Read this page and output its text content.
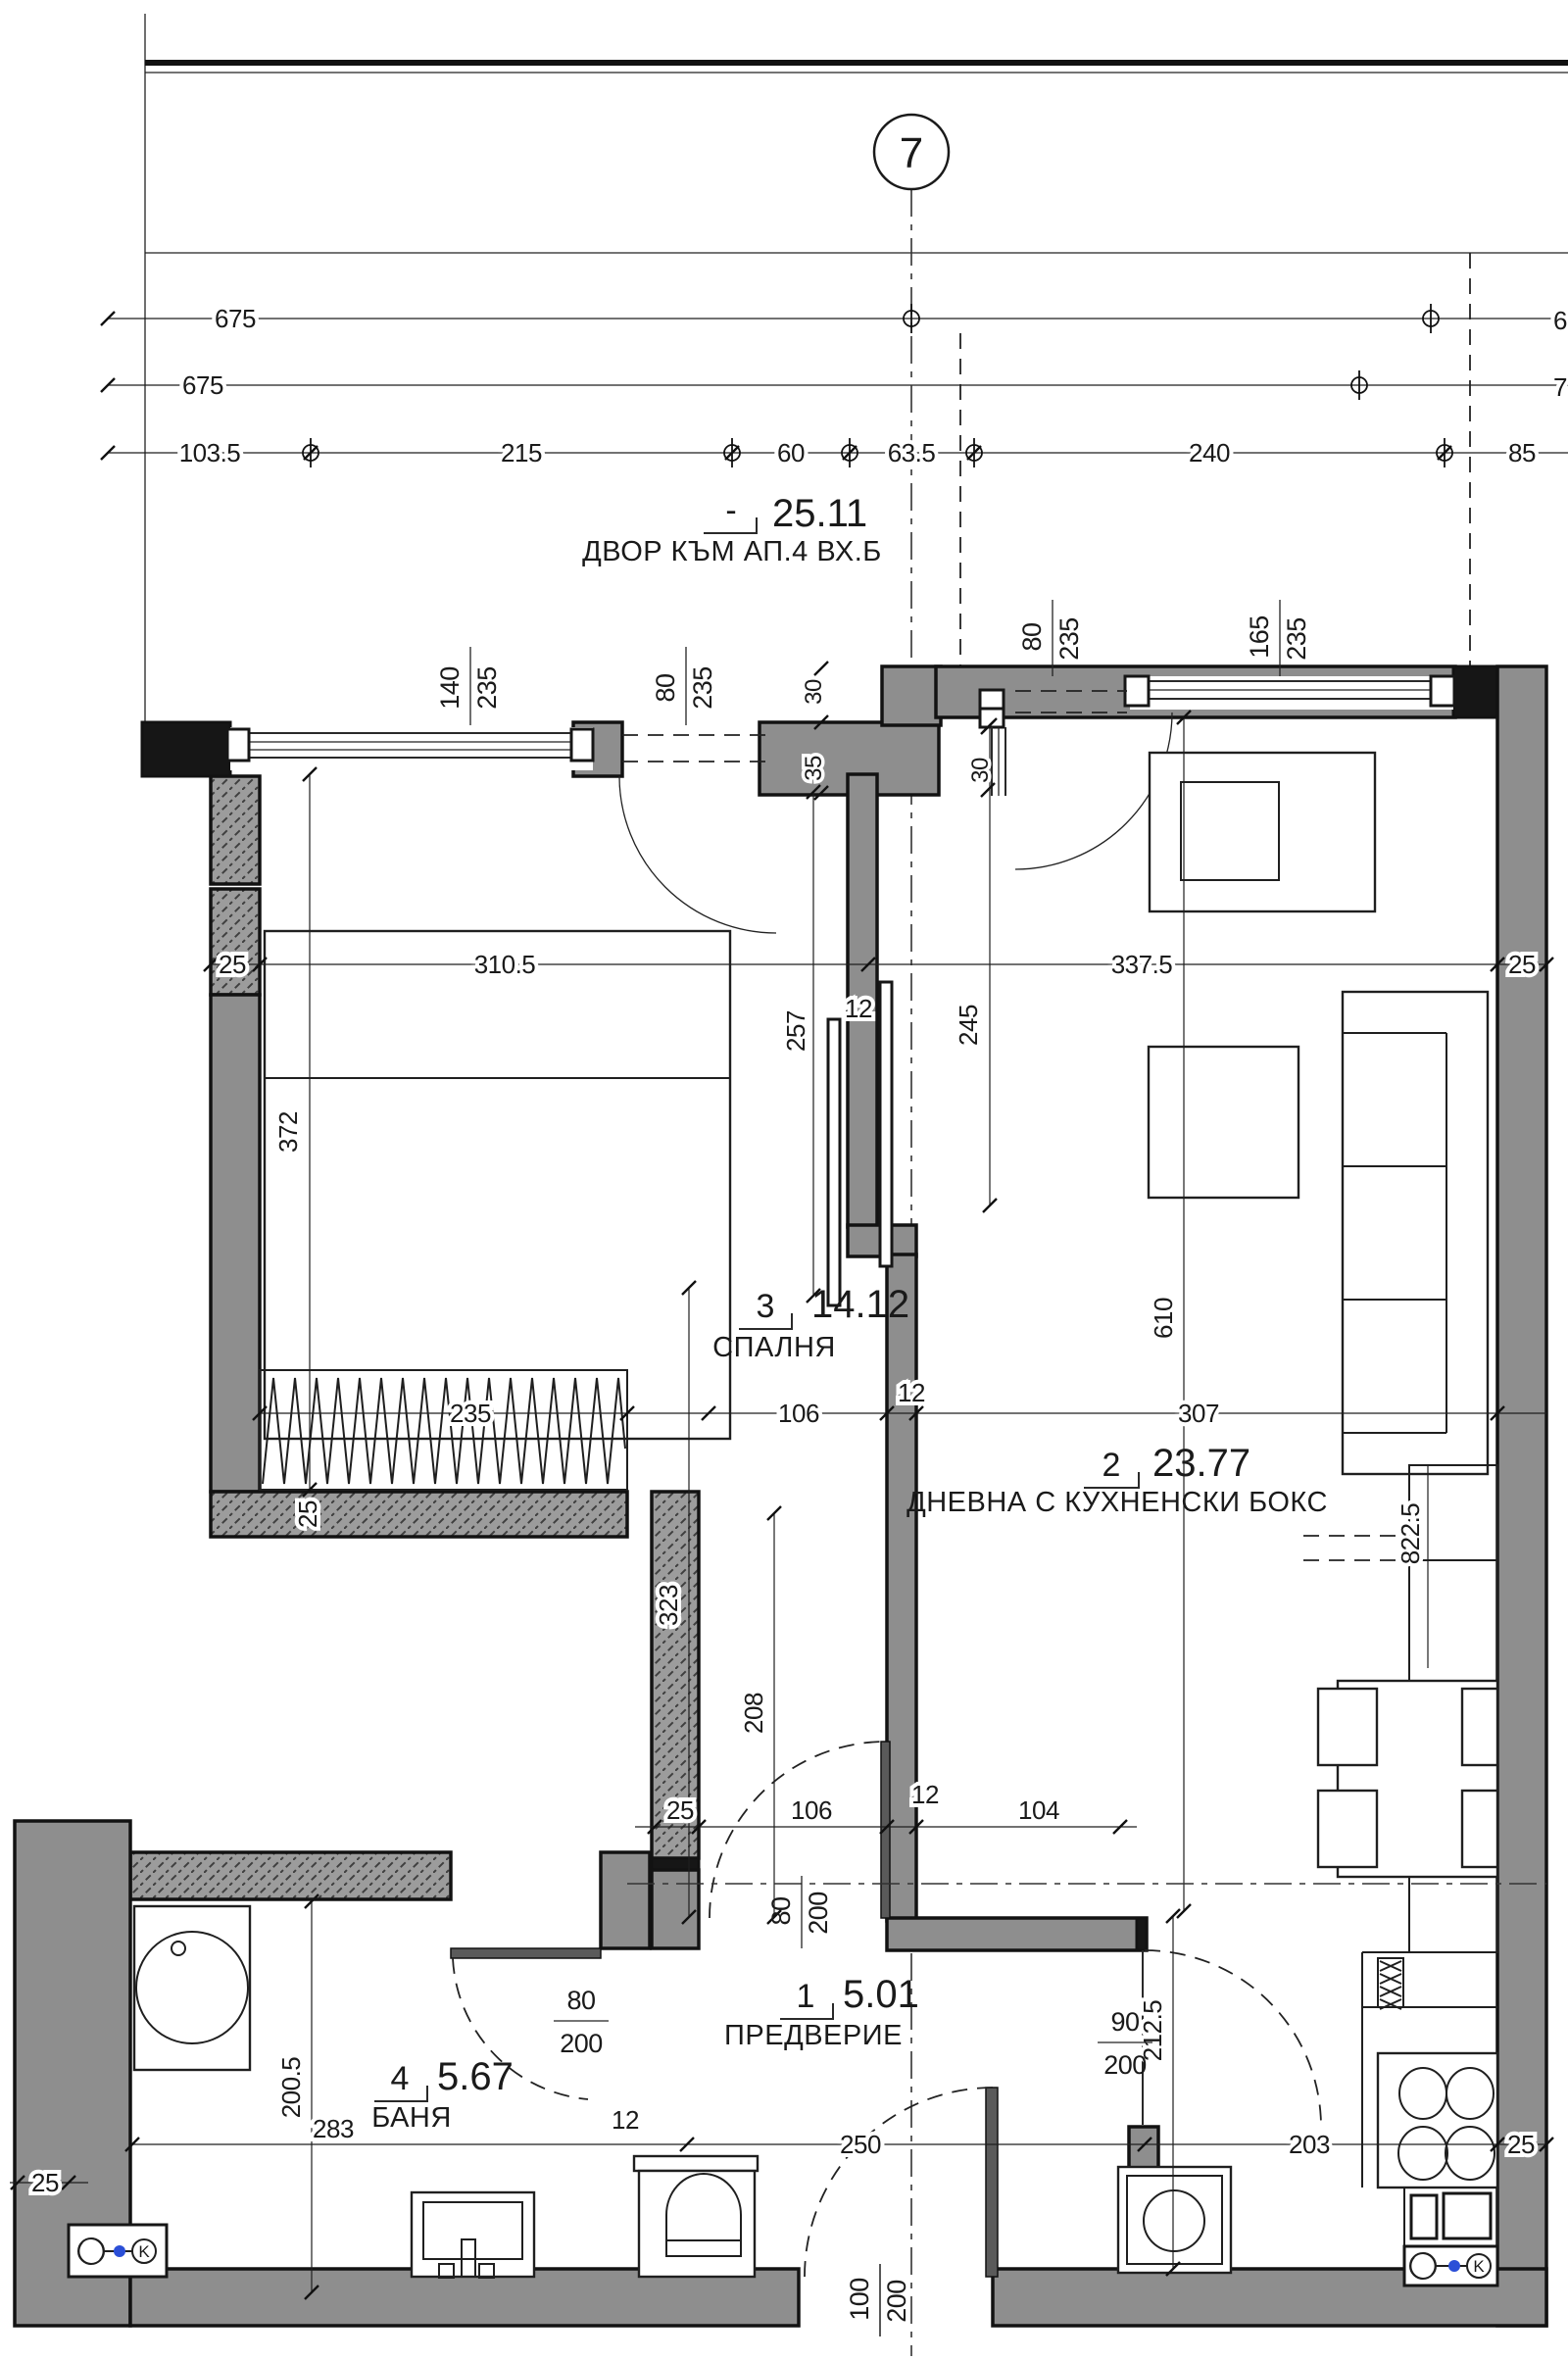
7
675
675
103.5	215	60	63.5	240	85
6
7
- 25.11
ДВОР КЪМ АП.4 ВХ.Б
K
K
310.5
25	337.5	25
372
257
12	245
610
235	106
12
307
25	822.5
323
208
25	106
12
104
250	203	25
212.5
283
200.5
25
12
30
35	30
140 235	80 235
80 235	165 235
80
200
80 200
90
200
100 200
3 14.12
СПАЛНЯ
2 23.77
ДНЕВНА С КУХНЕНСКИ БОКС
1 5.01
ПРЕДВЕРИЕ
4 5.67
БАНЯ
